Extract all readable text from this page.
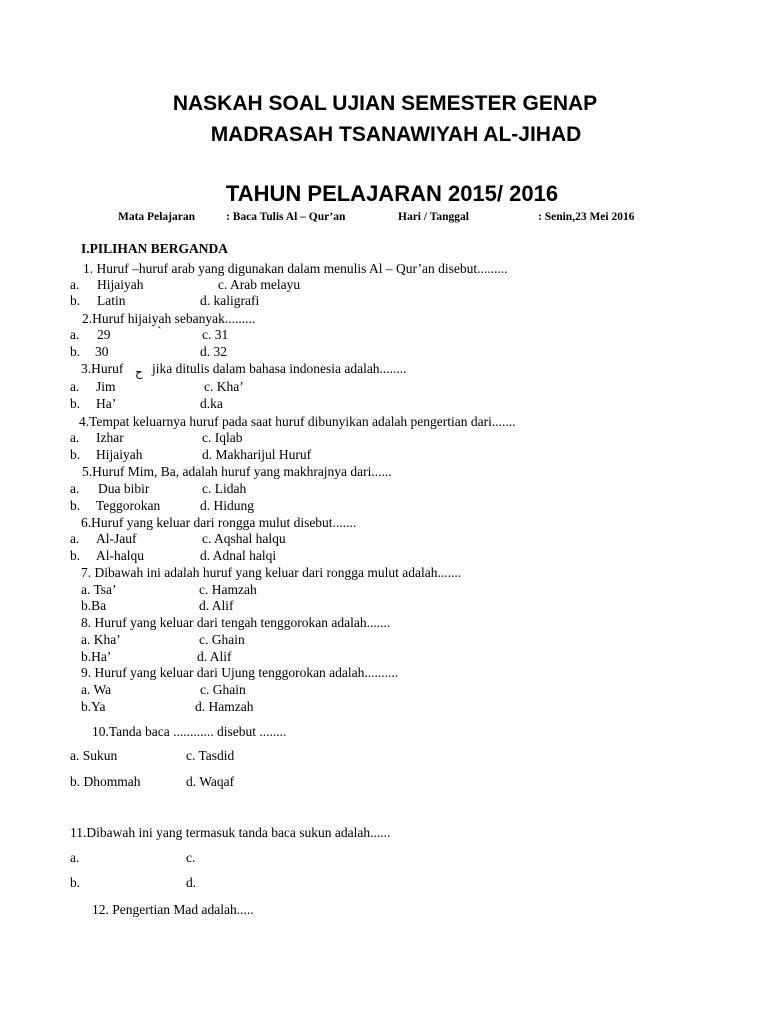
NASKAH SOAL UJIAN SEMESTER GENAP
MADRASAH TSANAWIYAH AL-JIHAD
TAHUN PELAJARAN 2015/ 2016
Mata Pelajaran	: Baca Tulis Al – Qur’an	Hari / Tanggal	: Senin,23 Mei 2016
I.PILIHAN BERGANDA
1. Huruf –huruf arab yang digunakan dalam menulis Al – Qur’an disebut.........
a. Hijaiyah	c. Arab melayu
b. Latin	d. kaligrafi
2.Huruf hijaiyah sebanyak.........
a. 29	`	c. 31
b. 30	d. 32
3.Huruf ح jika ditulis dalam bahasa indonesia adalah........
a. Jim	c. Kha’
b. Ha’	d.ka
4.Tempat keluarnya huruf pada saat huruf dibunyikan adalah pengertian dari.......
a. Izhar	c. Iqlab
b. Hijaiyah	d. Makharijul Huruf
5.Huruf Mim, Ba, adalah huruf yang makhrajnya dari......
a. Dua bibir	c. Lidah
b. Teggorokan	d. Hidung
6.Huruf yang keluar dari rongga mulut disebut.......
a. Al-Jauf	c. Aqshal halqu
b. Al-halqu	d. Adnal halqi
7. Dibawah ini adalah huruf yang keluar dari rongga mulut adalah.......
a. Tsa’	c. Hamzah
b.Ba	d. Alif
8. Huruf yang keluar dari tengah tenggorokan adalah.......
a. Kha’	c. Ghain
b.Ha’	d. Alif
9. Huruf yang keluar dari Ujung tenggorokan adalah..........
a. Wa	c. Ghain
b.Ya	d. Hamzah
10.Tanda baca ............ disebut ........
a. Sukun	c. Tasdid
b. Dhommah	d. Waqaf
11.Dibawah ini yang termasuk tanda baca sukun adalah......
a.	c.
b.	d.
12. Pengertian Mad adalah.....
